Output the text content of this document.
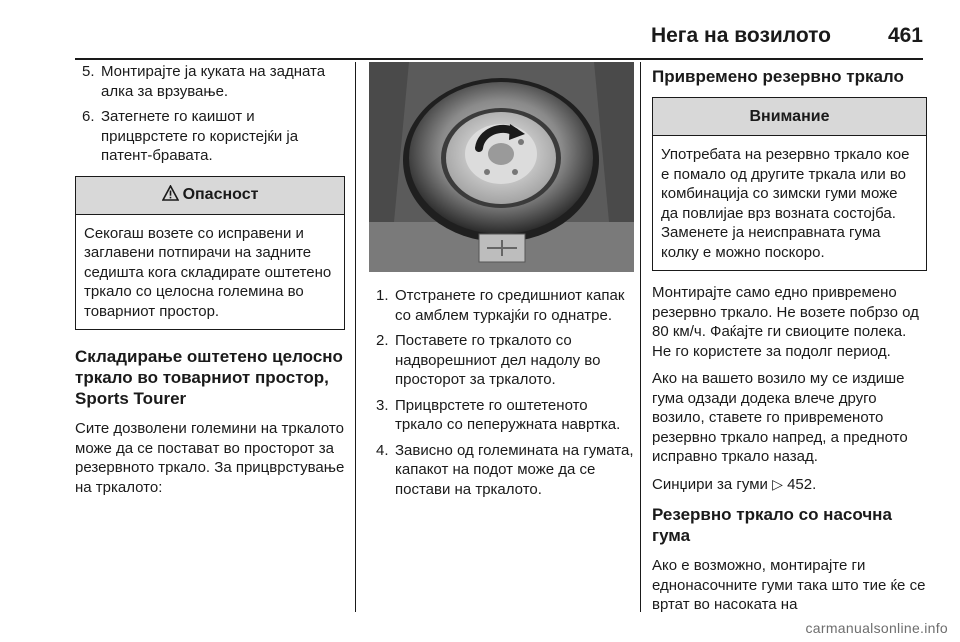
Нега на возилото	461
5. Монтирајте ја куката на задната алка за врзување.
6. Затегнете го каишот и прицврстете го користејќи ја патент-бравата.
Опасност
Секогаш возете со исправени и заглавени потпирачи на задните седишта кога складирате оштетено тркало со целосна големина во товарниот простор.
Складирање оштетено целосно тркало во товарниот простор, Sports Tourer

Сите дозволени големини на тркалото може да се поставaт во просторот за резервното тркало. За прицврстување на тркалото:

1. Отстранете го средишниот капак со амблем туркајќи го однатре.
2. Поставете го тркалото со надворешниот дел надолу во просторот за тркалото.
3. Прицврстете го оштетеното тркало со пеперужната навртка.
4. Зависно од големината на гумата, капакот на подот може да се постави на тркалото.
Привремено резервно тркало
Внимание
Употребата на резервно тркало кое е помало од другите тркала или во комбинација со зимски гуми може да повлијае врз возната состојба. Заменете ја неисправната гума колку е можно поскоро.

Монтирајте само едно привремено резервно тркало. Не возете побрзо од 80 км/ч. Фаќајте ги свиоците полека. Не го користете за подолг период.

Ако на вашето возило му се издише гума одзади додека влече друго возило, ставете го привременото резервно тркало напред, а предното исправно тркало назад.

Синџири за гуми ▷ 452.

Резервно тркало со насочна гума

Ако е возможно, монтирајте ги еднонасочните гуми така што тие ќе се вртат во насоката на

carmanualsonline.info
